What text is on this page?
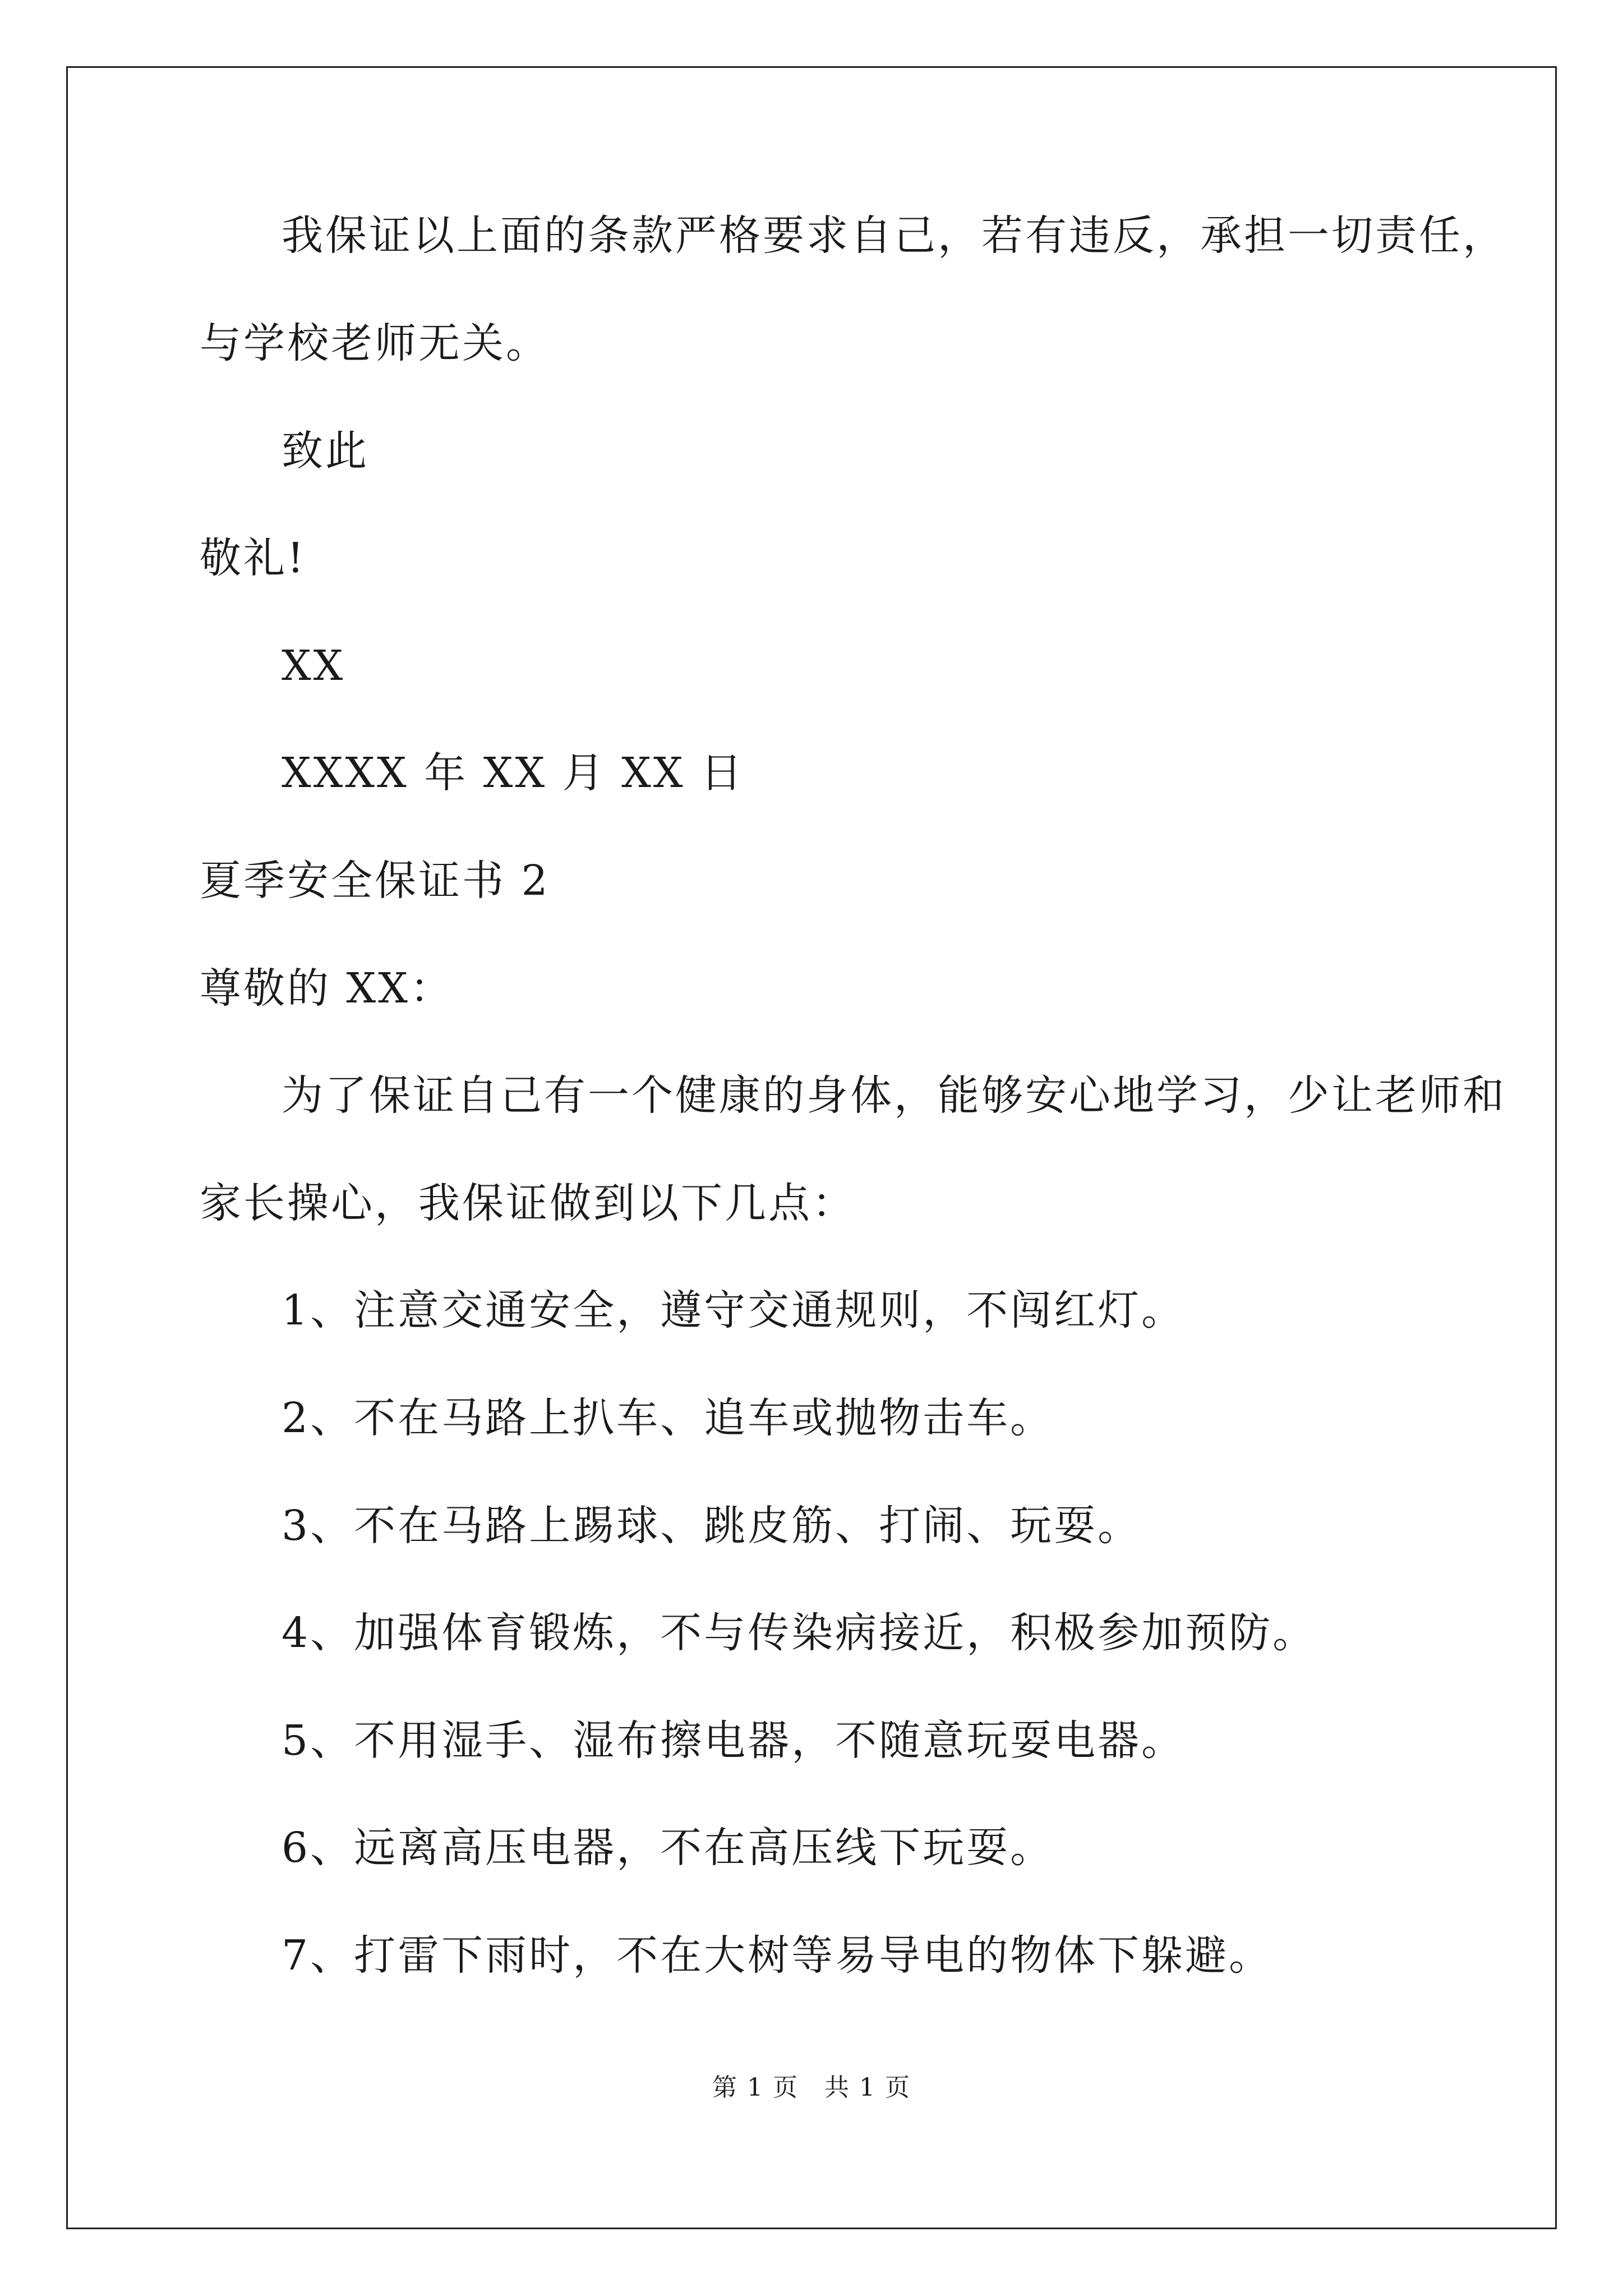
我保证以上面的条款严格要求自己，若有违反，承担一切责任，
与学校老师无关。
致此
敬礼!
XX
XXXX 年 XX 月 XX 日
夏季安全保证书 2
尊敬的 XX：
为了保证自己有一个健康的身体，能够安心地学习，少让老师和
家长操心，我保证做到以下几点：
1、注意交通安全，遵守交通规则，不闯红灯。
2、不在马路上扒车、追车或抛物击车。
3、不在马路上踢球、跳皮筋、打闹、玩耍。
4、加强体育锻炼，不与传染病接近，积极参加预防。
5、不用湿手、湿布擦电器，不随意玩耍电器。
6、远离高压电器，不在高压线下玩耍。
7、打雷下雨时，不在大树等易导电的物体下躲避。
第 1 页　共 1 页
